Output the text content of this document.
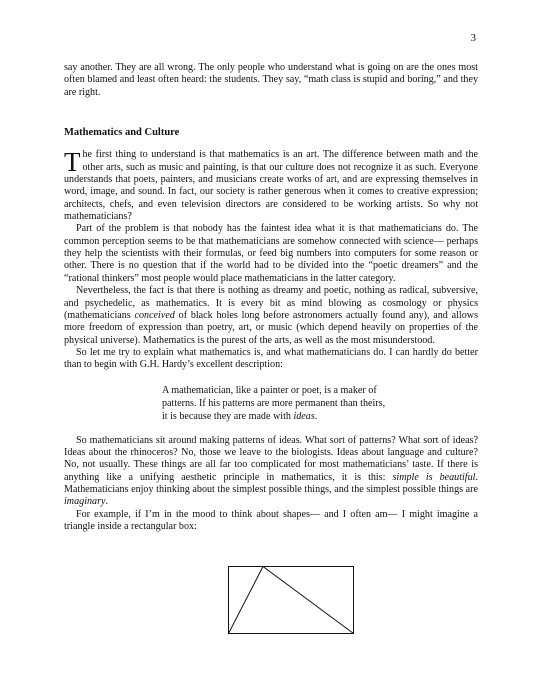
3

say another. They are all wrong. The only people who understand what is going on are the ones most often blamed and least often heard: the students. They say, “math class is stupid and boring,” and they are right.

Mathematics and Culture

The first thing to understand is that mathematics is an art. The difference between math and the other arts, such as music and painting, is that our culture does not recognize it as such. Everyone understands that poets, painters, and musicians create works of art, and are expressing themselves in word, image, and sound. In fact, our society is rather generous when it comes to creative expression; architects, chefs, and even television directors are considered to be working artists. So why not mathematicians?

Part of the problem is that nobody has the faintest idea what it is that mathematicians do. The common perception seems to be that mathematicians are somehow connected with science— perhaps they help the scientists with their formulas, or feed big numbers into computers for some reason or other. There is no question that if the world had to be divided into the “poetic dreamers” and the “rational thinkers” most people would place mathematicians in the latter category.

Nevertheless, the fact is that there is nothing as dreamy and poetic, nothing as radical, subversive, and psychedelic, as mathematics. It is every bit as mind blowing as cosmology or physics (mathematicians conceived of black holes long before astronomers actually found any), and allows more freedom of expression than poetry, art, or music (which depend heavily on properties of the physical universe). Mathematics is the purest of the arts, as well as the most misunderstood.

So let me try to explain what mathematics is, and what mathematicians do. I can hardly do better than to begin with G.H. Hardy’s excellent description:

A mathematician, like a painter or poet, is a maker of patterns. If his patterns are more permanent than theirs, it is because they are made with ideas.

So mathematicians sit around making patterns of ideas. What sort of patterns? What sort of ideas? Ideas about the rhinoceros? No, those we leave to the biologists. Ideas about language and culture? No, not usually. These things are all far too complicated for most mathematicians’ taste. If there is anything like a unifying aesthetic principle in mathematics, it is this: simple is beautiful. Mathematicians enjoy thinking about the simplest possible things, and the simplest possible things are imaginary.

For example, if I’m in the mood to think about shapes— and I often am— I might imagine a triangle inside a rectangular box:
